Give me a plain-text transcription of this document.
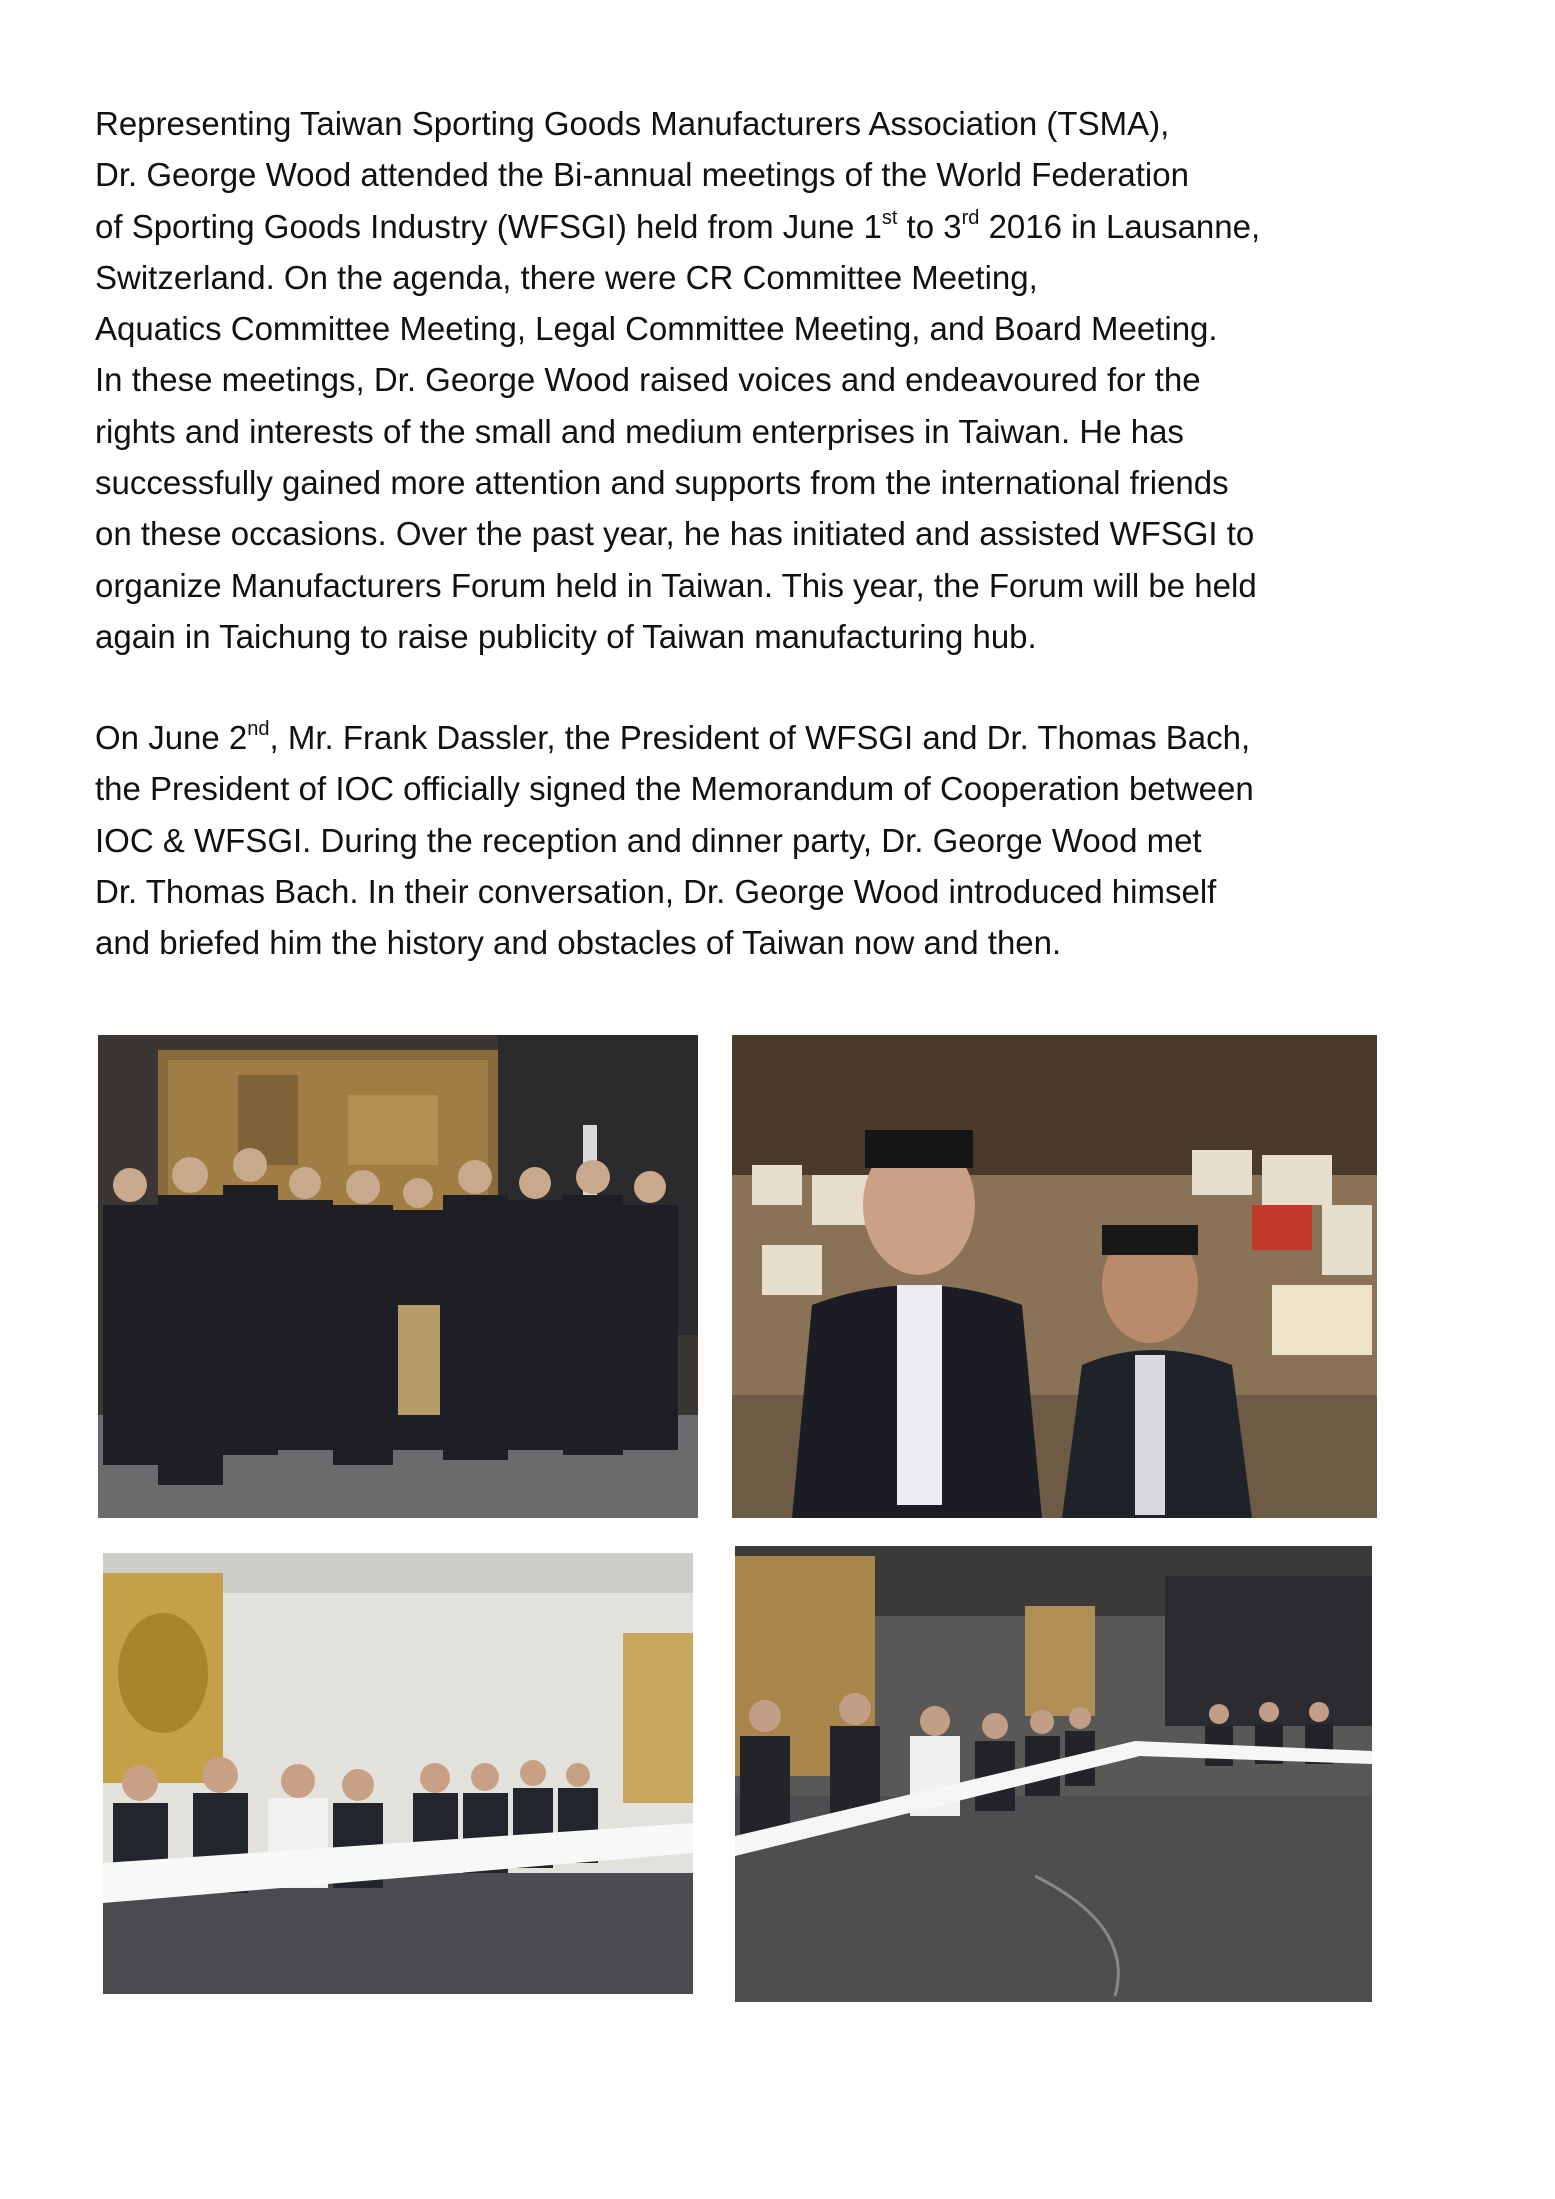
Representing Taiwan Sporting Goods Manufacturers Association (TSMA),
Dr. George Wood attended the Bi-annual meetings of the World Federation
of Sporting Goods Industry (WFSGI) held from June 1st to 3rd 2016 in Lausanne,
Switzerland. On the agenda, there were CR Committee Meeting,
Aquatics Committee Meeting, Legal Committee Meeting, and Board Meeting.
In these meetings, Dr. George Wood raised voices and endeavoured for the
rights and interests of the small and medium enterprises in Taiwan. He has
successfully gained more attention and supports from the international friends
on these occasions. Over the past year, he has initiated and assisted WFSGI to
organize Manufacturers Forum held in Taiwan. This year, the Forum will be held
again in Taichung to raise publicity of Taiwan manufacturing hub.
On June 2nd, Mr. Frank Dassler, the President of WFSGI and Dr. Thomas Bach,
the President of IOC officially signed the Memorandum of Cooperation between
IOC & WFSGI. During the reception and dinner party, Dr. George Wood met
Dr. Thomas Bach. In their conversation, Dr. George Wood introduced himself
and briefed him the history and obstacles of Taiwan now and then.
